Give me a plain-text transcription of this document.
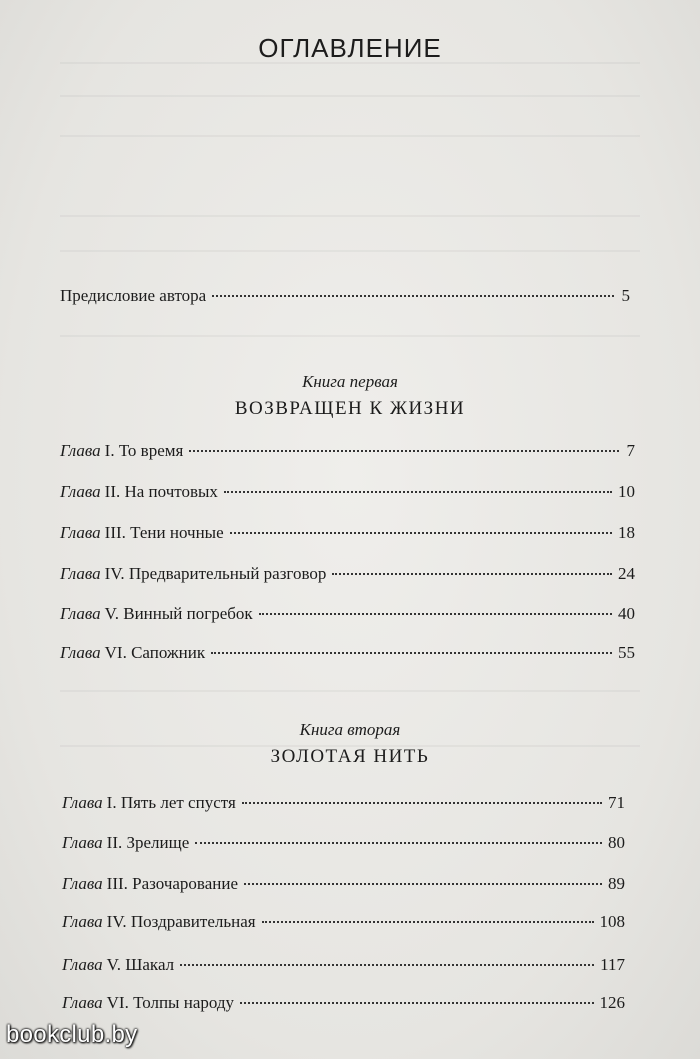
ОГЛАВЛЕНИЕ
Предисловие автора	5
Книга первая
ВОЗВРАЩЕН К ЖИЗНИ
Глава I. То время	7
Глава II. На почтовых	10
Глава III. Тени ночные	18
Глава IV. Предварительный разговор	24
Глава V. Винный погребок	40
Глава VI. Сапожник	55
Книга вторая
ЗОЛОТАЯ НИТЬ
Глава I. Пять лет спустя	71
Глава II. Зрелище	80
Глава III. Разочарование	89
Глава IV. Поздравительная	108
Глава V. Шакал	117
Глава VI. Толпы народу	126
bookclub.by
